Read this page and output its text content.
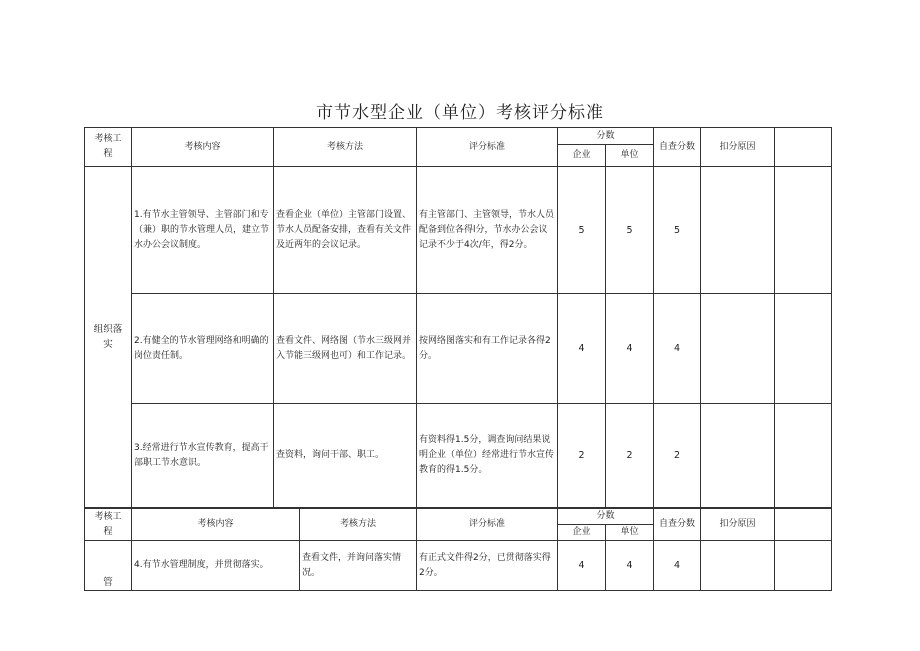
市节水型企业（单位）考核评分标准
考核工
程	考核内容	考核方法	评分标准	分数		自查分数	扣分原因	
				企业	单位			
组织落
实	1.有节水主管领导、主管部门和专（兼）职的节水管理人员，建立节水办公会议制度。	查看企业（单位）主管部门设置、节水人员配备安排，查看有关文件及近两年的会议记录。	有主管部门、主管领导，节水人员配备到位各得l分，节水办公会议记录不少于4次/年，得2分。	5	5	5		
	2.有健全的节水管理网络和明确的岗位责任制。	查看文件、网络图（节水三级网并入节能三级网也可）和工作记录。	按网络图落实和有工作记录各得2分。	4	4	4		
	3.经常进行节水宣传教育，提高干部职工节水意识。	查资料，询问干部、职工。	有资料得1.5分，调查询问结果说明企业（单位）经常进行节水宣传教育的得1.5分。	2	2	2		
考核工
程	考核内容	考核方法	评分标准	分数		自查分数	扣分原因	
				企业	单位			
管	4.有节水管理制度，并贯彻落实。	查看文件，并询问落实情况。	有正式文件得2分，已贯彻落实得2分。	4	4	4		
